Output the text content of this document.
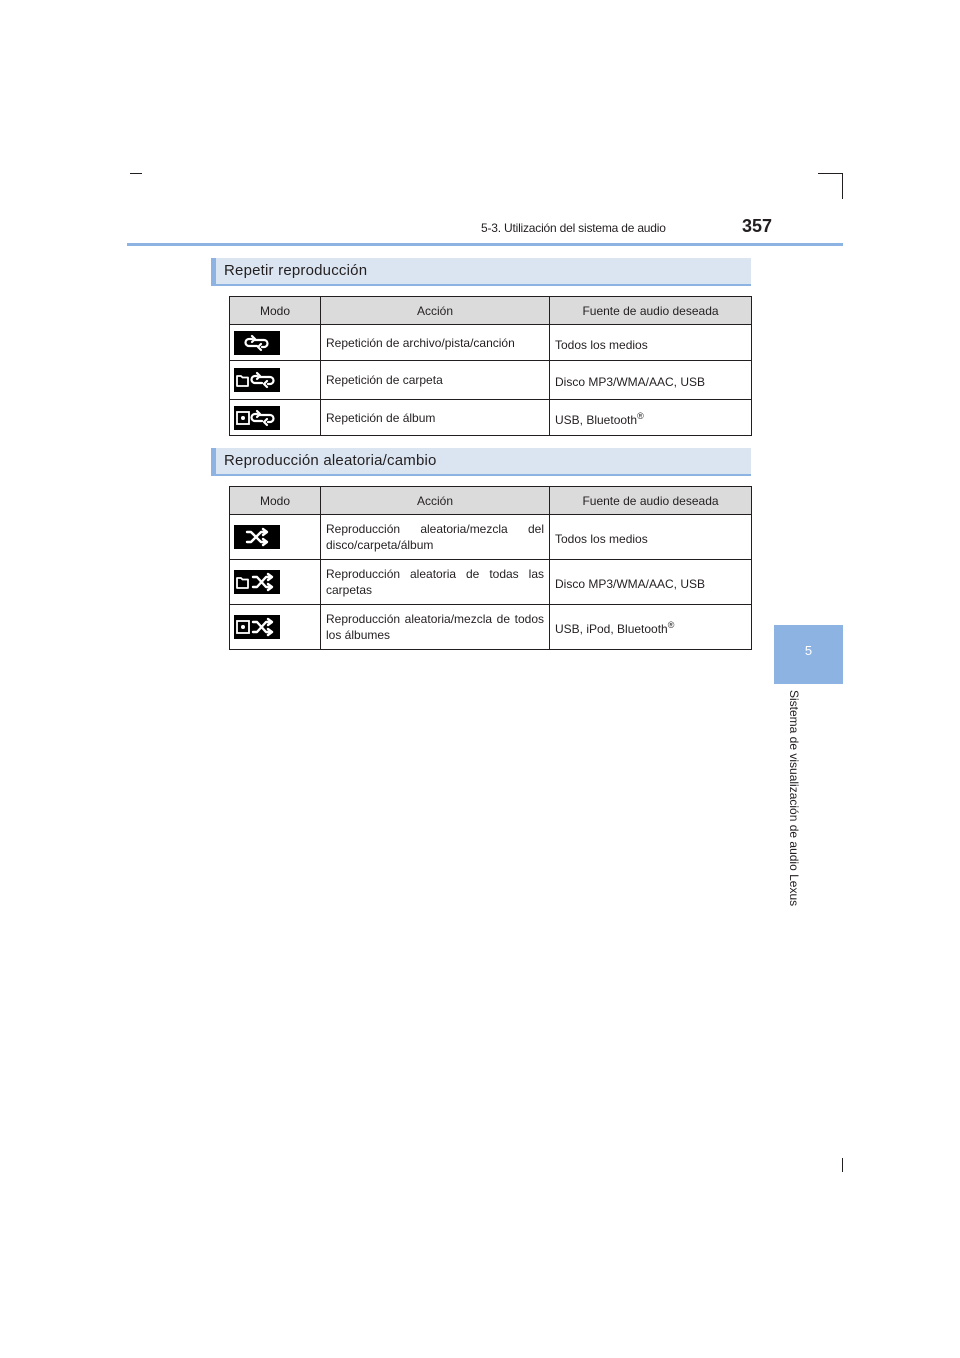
5-3. Utilización del sistema de audio	357
5
Sistema de visualización de audio Lexus
Repetir reproducción
Modo	Acción	Fuente de audio deseada

	Repetición de archivo/pista/canción	Todos los medios

	Repetición de carpeta	Disco MP3/WMA/AAC, USB

	Repetición de álbum	USB, Bluetooth®
Reproducción aleatoria/cambio
Modo	Acción	Fuente de audio deseada

	Reproducción aleatoria/mezcla del disco/carpeta/álbum	Todos los medios

	Reproducción aleatoria de todas las carpetas	Disco MP3/WMA/AAC, USB

	Reproducción aleatoria/mezcla de todos los álbumes	USB, iPod, Bluetooth®
